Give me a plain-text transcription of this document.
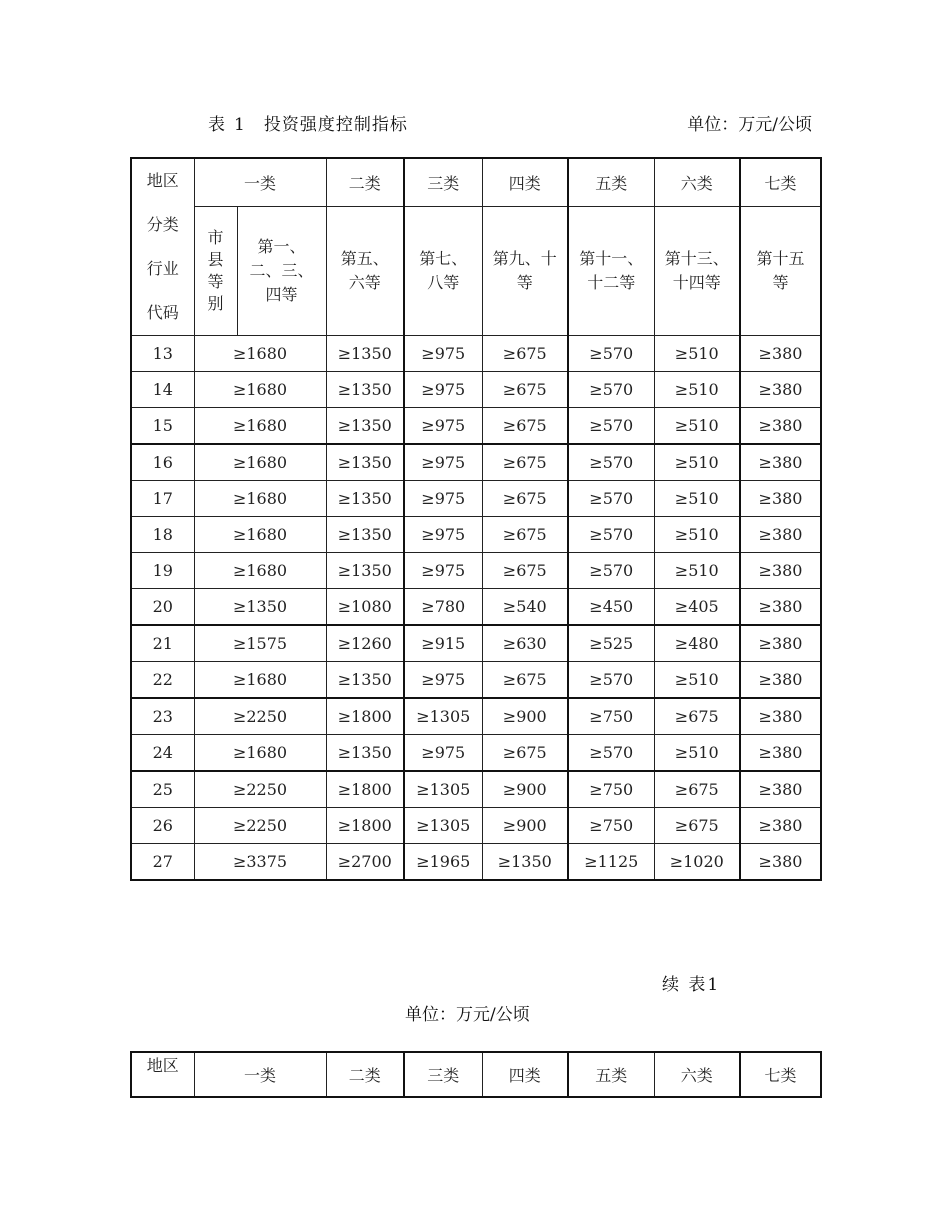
表 1 投资强度控制指标	单位：万元/公顷
地区
分类
行业
代码	一类		二类	三类	四类	五类	六类	七类

	市县等别	第一、二、三、四等	第五、六等	第七、八等	第九、十等	第十一、十二等	第十三、十四等	第十五等

13	≥1680		≥1350	≥975	≥675	≥570	≥510	≥380
14	≥1680		≥1350	≥975	≥675	≥570	≥510	≥380
15	≥1680		≥1350	≥975	≥675	≥570	≥510	≥380
16	≥1680		≥1350	≥975	≥675	≥570	≥510	≥380
17	≥1680		≥1350	≥975	≥675	≥570	≥510	≥380
18	≥1680		≥1350	≥975	≥675	≥570	≥510	≥380
19	≥1680		≥1350	≥975	≥675	≥570	≥510	≥380
20	≥1350		≥1080	≥780	≥540	≥450	≥405	≥380
21	≥1575		≥1260	≥915	≥630	≥525	≥480	≥380
22	≥1680		≥1350	≥975	≥675	≥570	≥510	≥380
23	≥2250		≥1800	≥1305	≥900	≥750	≥675	≥380
24	≥1680		≥1350	≥975	≥675	≥570	≥510	≥380
25	≥2250		≥1800	≥1305	≥900	≥750	≥675	≥380
26	≥2250		≥1800	≥1305	≥900	≥750	≥675	≥380
27	≥3375		≥2700	≥1965	≥1350	≥1125	≥1020	≥380
续 表1
单位：万元/公顷
地区	一类	二类	三类	四类	五类	六类	七类
